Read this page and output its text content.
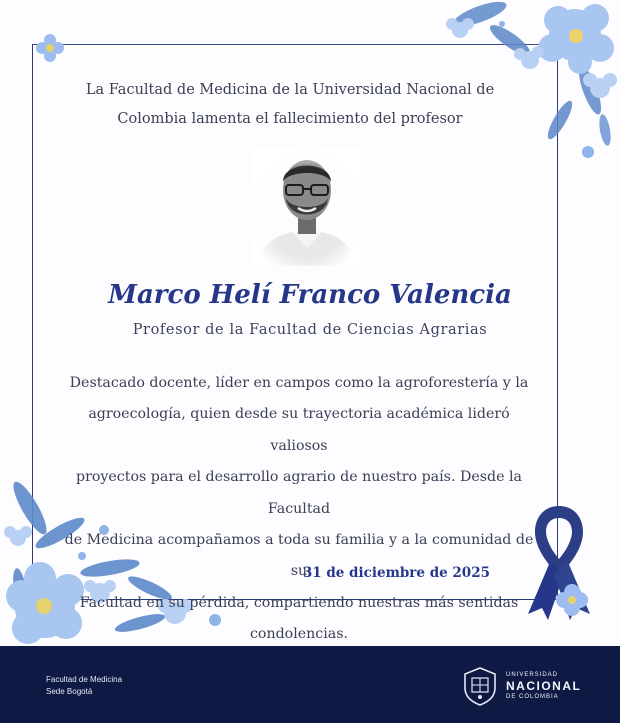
La Facultad de Medicina de la Universidad Nacional de
Colombia lamenta el fallecimiento del profesor
Marco Helí Franco Valencia
Profesor de la Facultad de Ciencias Agrarias
Destacado docente, líder en campos como la agroforestería y la
agroecología, quien desde su trayectoria académica lideró valiosos
proyectos para el desarrollo agrario de nuestro país. Desde la Facultad
de Medicina acompañamos a toda su familia y a la comunidad de su
Facultad en su pérdida, compartiendo nuestras más sentidas
condolencias.
31 de diciembre de 2025
Facultad de Medicina
Sede Bogotá
UNIVERSIDAD
NACIONAL
DE COLOMBIA
